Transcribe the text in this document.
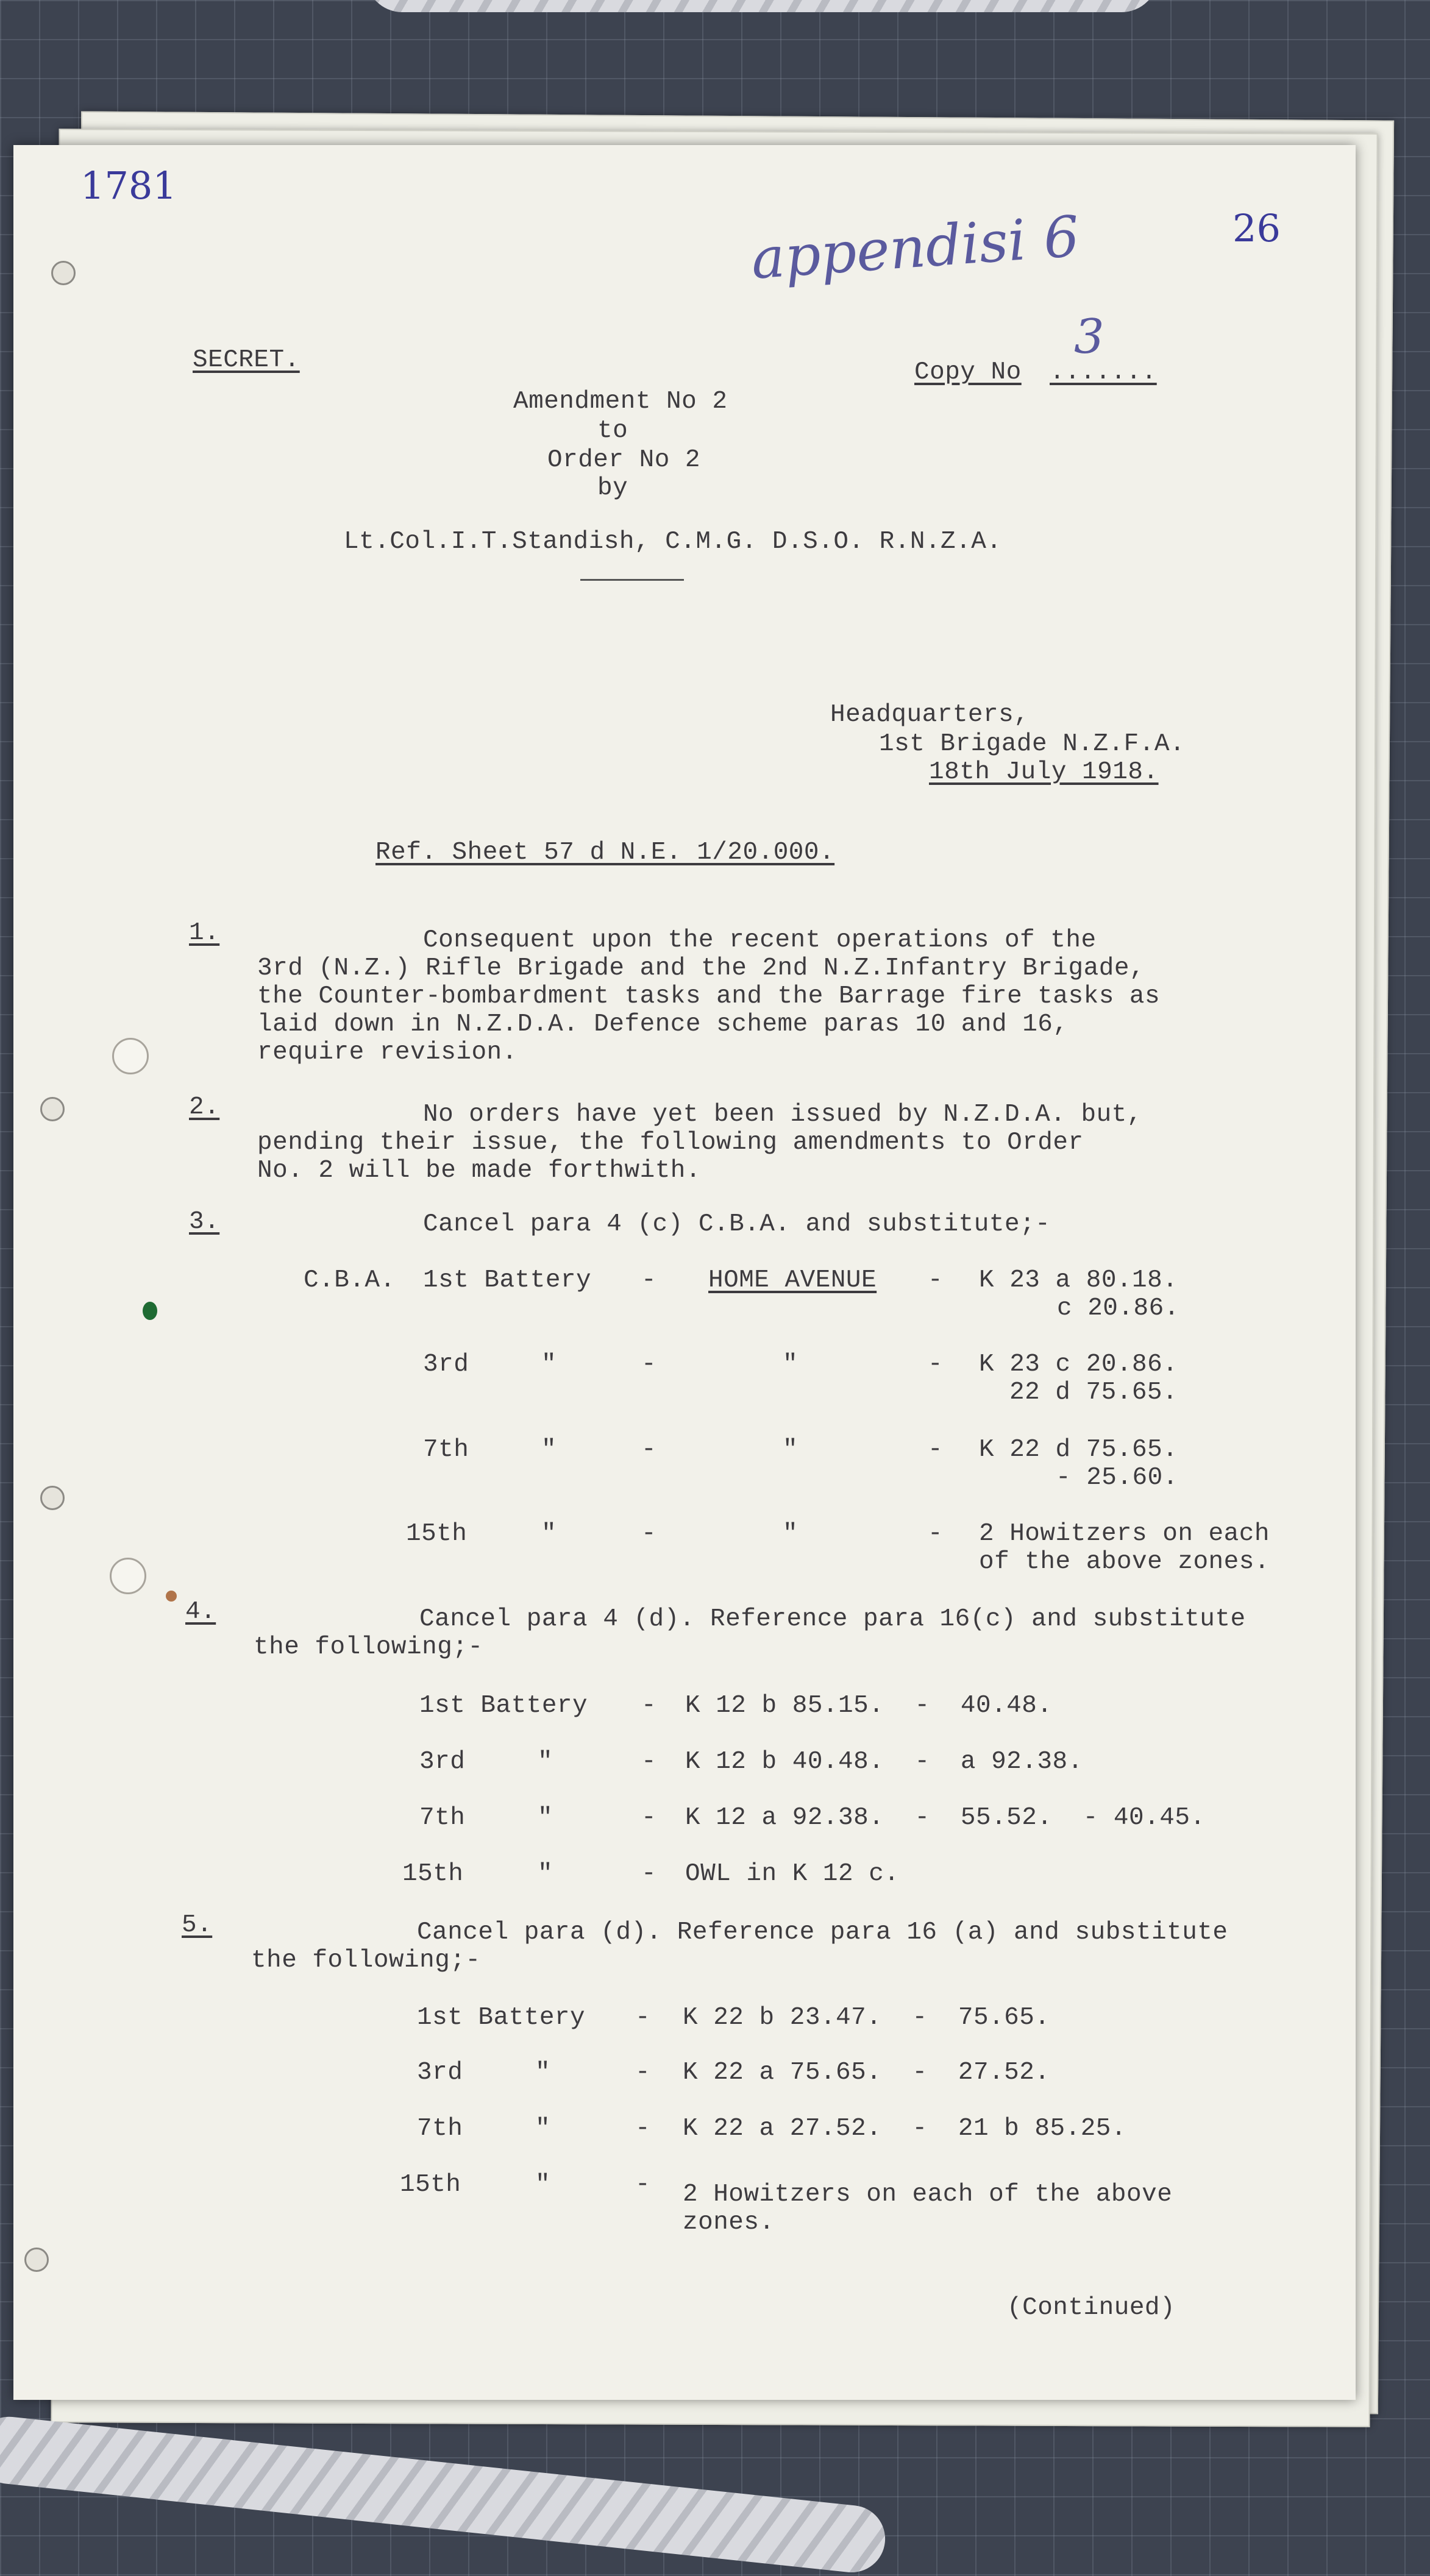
1781
26
appendisi 6
SECRET.	Copy No .......
3
Amendment No 2
to
Order No 2
by
Lt.Col.I.T.Standish, C.M.G. D.S.O. R.N.Z.A.
Headquarters,
1st Brigade N.Z.F.A.
18th July 1918.
Ref. Sheet 57 d N.E. 1/20.000.
1.	Consequent upon the recent operations of the
3rd (N.Z.) Rifle Brigade and the 2nd N.Z.Infantry Brigade,
the Counter-bombardment tasks and the Barrage fire tasks as
laid down in N.Z.D.A. Defence scheme paras 10 and 16,
require revision.
2.	No orders have yet been issued by N.Z.D.A. but,
pending their issue, the following amendments to Order
No. 2 will be made forthwith.
3.	Cancel para 4 (c) C.B.A. and substitute;-
C.B.A. 1st Battery - HOME AVENUE - K 23 a 80.18.
c 20.86.
3rd	"	-	"	- K 23 c 20.86.
22 d 75.65.
7th	"	-	"	- K 22 d 75.65.
- 25.60.
15th	"	-	"	- 2 Howitzers on each
of the above zones.
4.	Cancel para 4 (d). Reference para 16(c) and substitute
the following;-
1st Battery - K 12 b 85.15.  -  40.48.
3rd	"	- K 12 b 40.48.  -  a 92.38.
7th	"	- K 12 a 92.38.  -  55.52.  - 40.45.
15th	"	- OWL in K 12 c.
5.	Cancel para (d). Reference para 16 (a) and substitute
the following;-
1st Battery - K 22 b 23.47.  -  75.65.
3rd	"	- K 22 a 75.65.  -  27.52.
7th	"	- K 22 a 27.52.  -  21 b 85.25.
15th	"	- 2 Howitzers on each of the above
zones.
(Continued)
